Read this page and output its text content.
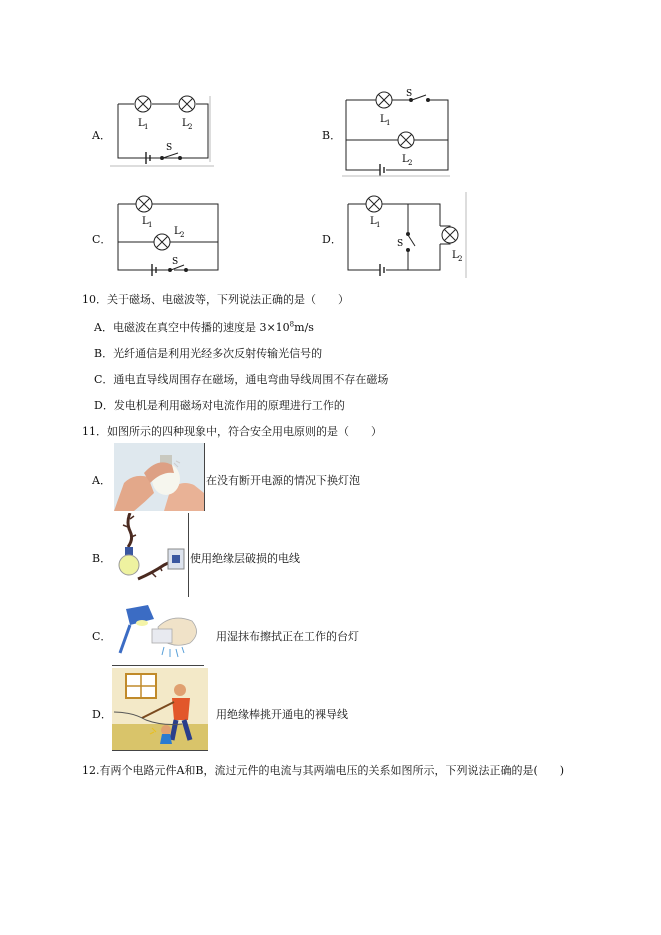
A．
L 1	L 2
S
B．
L 1
L 2
S
C．
L 1
L 2
S
D．
L 1
L 2
S
10．关于磁场、电磁波等，下列说法正确的是（　　）
A．电磁波在真空中传播的速度是 $3\times 10^8m/s$
B．光纤通信是利用光经多次反射传输光信号的
C．通电直导线周围存在磁场，通电弯曲导线周围不存在磁场
D．发电机是利用磁场对电流作用的原理进行工作的
11．如图所示的四种现象中，符合安全用电原则的是（　　）
A．	在没有断开电源的情况下换灯泡
B．	使用绝缘层破损的电线
C．	用湿抹布擦拭正在工作的台灯
D．	用绝缘棒挑开通电的裸导线
12.有两个电路元件A和B，流过元件的电流与其两端电压的关系如图所示，下列说法正确的是(　　)
